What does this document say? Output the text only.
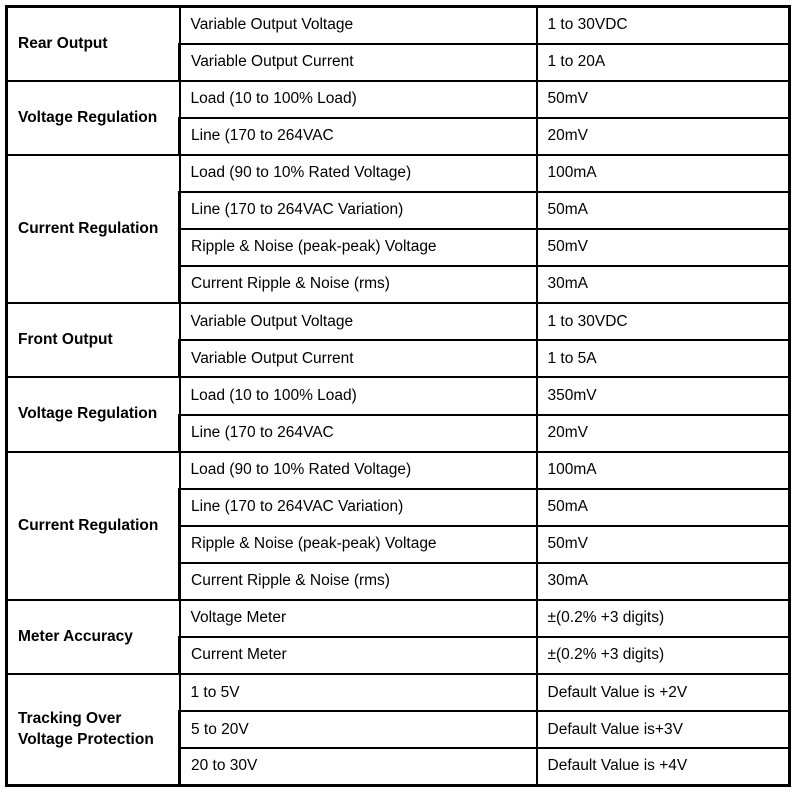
Rear Output	Variable Output Voltage	1 to 30VDC
	Variable Output Current	1 to 20A
Voltage Regulation	Load (10 to 100% Load)	50mV
	Line (170 to 264VAC	20mV
Current Regulation	Load (90 to 10% Rated Voltage)	100mA
	Line (170 to 264VAC Variation)	50mA
	Ripple & Noise (peak-peak) Voltage	50mV
	Current Ripple & Noise (rms)	30mA
Front Output	Variable Output Voltage	1 to 30VDC
	Variable Output Current	1 to 5A
Voltage Regulation	Load (10 to 100% Load)	350mV
	Line (170 to 264VAC	20mV
Current Regulation	Load (90 to 10% Rated Voltage)	100mA
	Line (170 to 264VAC Variation)	50mA
	Ripple & Noise (peak-peak) Voltage	50mV
	Current Ripple & Noise (rms)	30mA
Meter Accuracy	Voltage Meter	±(0.2% +3 digits)
	Current Meter	±(0.2% +3 digits)
Tracking Over Voltage Protection	1 to 5V	Default Value is +2V
	5 to 20V	Default Value is+3V
	20 to 30V	Default Value is +4V
